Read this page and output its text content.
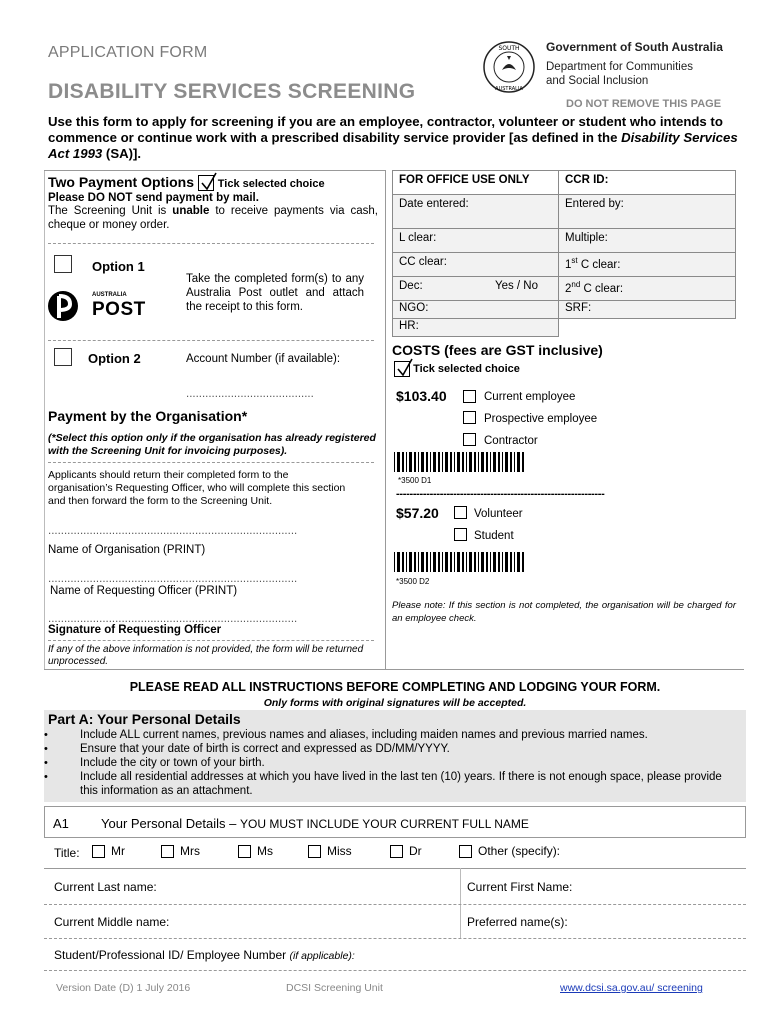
APPLICATION FORM
DISABILITY SERVICES SCREENING
SOUTH
AUSTRALIA
Government of South Australia
Department for Communities
and Social Inclusion
DO NOT REMOVE THIS PAGE
Use this form to apply for screening if you are an employee, contractor, volunteer or student who intends to commence or continue work with a prescribed disability service provider [as defined in the Disability Services Act 1993 (SA)].
Two Payment Options Tick selected choice
Please DO NOT send payment by mail.
The Screening Unit is unable to receive payments via cash, cheque or money order.
Option 1
Take the completed form(s) to any Australia Post outlet and attach the receipt to this form.
AUSTRALIA
POST
Option 2	Account Number (if available):
........................................
Payment by the Organisation*
(*Select this option only if the organisation has already registered with the Screening Unit for invoicing purposes).
Applicants should return their completed form to the organisation’s Requesting Officer, who will complete this section and then forward the form to the Screening Unit.
..............................................................................
Name of Organisation (PRINT)
..............................................................................
Name of Requesting Officer (PRINT)
..............................................................................
Signature of Requesting Officer
If any of the above information is not provided, the form will be returned unprocessed.
FOR OFFICE USE ONLY	CCR ID:
Date entered:	Entered by:
L clear:	Multiple:
CC clear:	1st C clear:
Dec: Yes / No	2nd C clear:
NGO:	SRF:
HR:	
COSTS (fees are GST inclusive)
Tick selected choice
$103.40	Current employee
Prospective employee
Contractor
*3500 D1
--------------------------------------------------------------
$57.20	Volunteer
Student
*3500 D2
Please note: If this section is not completed, the organisation will be charged for an employee check.
PLEASE READ ALL INSTRUCTIONS BEFORE COMPLETING AND LODGING YOUR FORM.
Only forms with original signatures will be accepted.
Part A: Your Personal Details
• Include ALL current names, previous names and aliases, including maiden names and previous married names.
• Ensure that your date of birth is correct and expressed as DD/MM/YYYY.
• Include the city or town of your birth.
• Include all residential addresses at which you have lived in the last ten (10) years. If there is not enough space, please provide this information as an attachment.
A1 Your Personal Details – YOU MUST INCLUDE YOUR CURRENT FULL NAME
Title:	Mr	Mrs	Ms	Miss	Dr	Other (specify):
Current Last name:	Current First Name:
Current Middle name:	Preferred name(s):
Student/Professional ID/ Employee Number (if applicable):
Version Date (D) 1 July 2016	DCSI Screening Unit	www.dcsi.sa.gov.au/ screening
